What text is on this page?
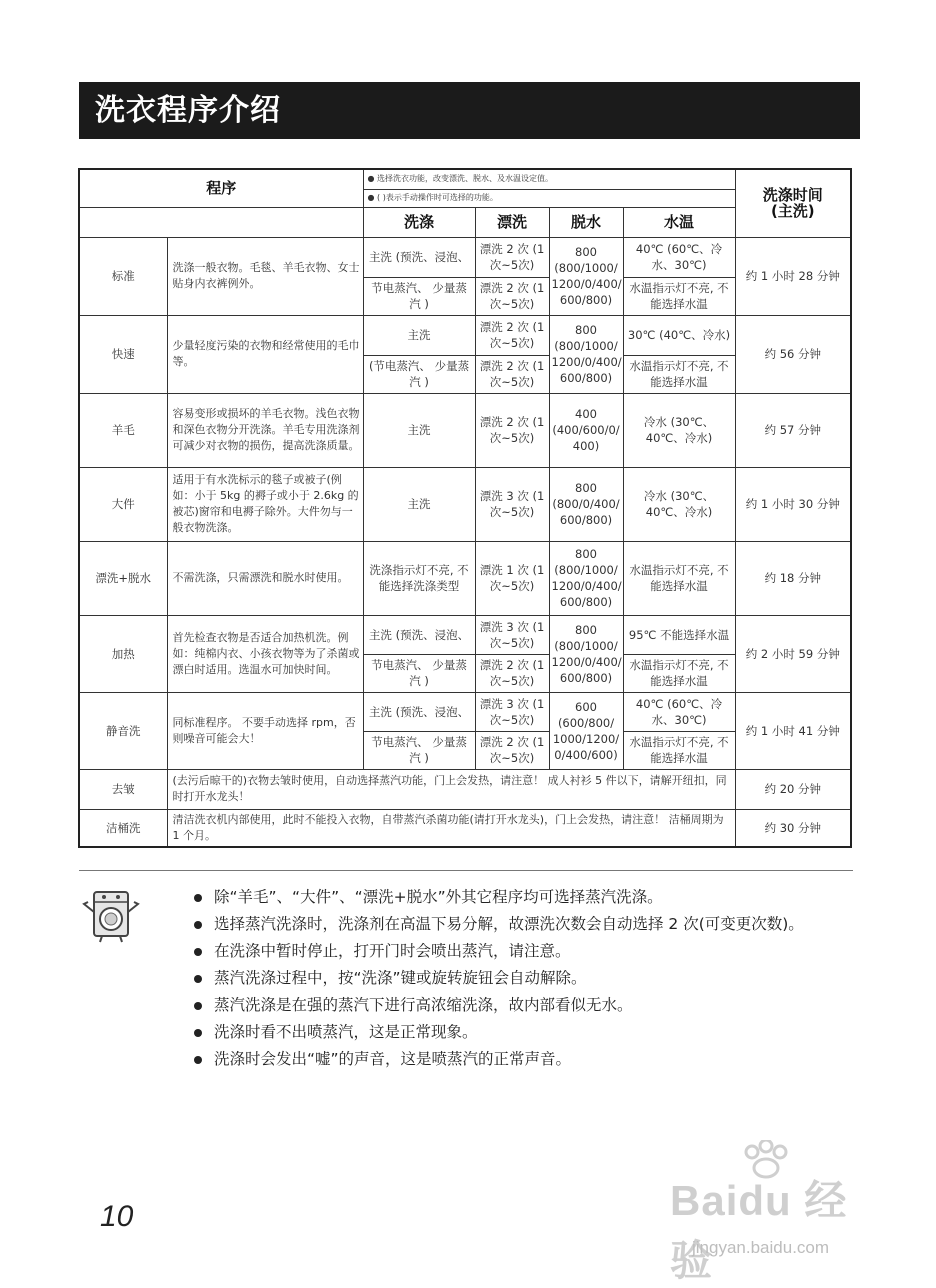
洗衣程序介绍
程序		● 选择洗衣功能，改变漂洗、脱水、及水温设定值。				洗涤时间
(主洗)
		● ( )表示手动操作时可选择的功能。				
		洗涤	漂洗	脱水	水温	
标准	洗涤一般衣物。毛毯、羊毛衣物、女士贴身内衣裤例外。	主洗 (预洗、浸泡、	漂洗 2 次 (1次~5次)	800 (800/1000/ 1200/0/400/ 600/800)	40℃ (60℃、冷水、30℃)	约 1 小时 28 分钟
		节电蒸汽、 少量蒸汽 )	漂洗 2 次 (1次~5次)		水温指示灯不亮, 不能选择水温	
快速	少量轻度污染的衣物和经常使用的毛巾等。	主洗	漂洗 2 次 (1次~5次)	800 (800/1000/ 1200/0/400/ 600/800)	30℃ (40℃、冷水)	约 56 分钟
		(节电蒸汽、 少量蒸汽 )	漂洗 2 次 (1次~5次)		水温指示灯不亮, 不能选择水温	
羊毛	容易变形或损坏的羊毛衣物。浅色衣物和深色衣物分开洗涤。羊毛专用洗涤剂可减少对衣物的损伤，提高洗涤质量。	主洗	漂洗 2 次 (1次~5次)	400 (400/600/0/ 400)	冷水 (30℃、40℃、冷水)	约 57 分钟
大件	适用于有水洗标示的毯子或被子(例如：小于 5kg 的褥子或小于 2.6kg 的被芯)窗帘和电褥子除外。大件勿与一般衣物洗涤。	主洗	漂洗 3 次 (1次~5次)	800 (800/0/400/ 600/800)	冷水 (30℃、40℃、冷水)	约 1 小时 30 分钟
漂洗+脱水	不需洗涤，只需漂洗和脱水时使用。	洗涤指示灯不亮, 不能选择洗涤类型	漂洗 1 次 (1次~5次)	800 (800/1000/ 1200/0/400/ 600/800)	水温指示灯不亮, 不能选择水温	约 18 分钟
加热	首先检查衣物是否适合加热机洗。例如：纯棉内衣、小孩衣物等为了杀菌或漂白时适用。选温水可加快时间。	主洗 (预洗、浸泡、	漂洗 3 次 (1次~5次)	800 (800/1000/ 1200/0/400/ 600/800)	95℃ 不能选择水温	约 2 小时 59 分钟
		节电蒸汽、 少量蒸汽 )	漂洗 2 次 (1次~5次)		水温指示灯不亮, 不能选择水温	
静音洗	同标准程序。 不要手动选择 rpm，否则噪音可能会大！	主洗 (预洗、浸泡、	漂洗 3 次 (1次~5次)	600 (600/800/ 1000/1200/ 0/400/600)	40℃ (60℃、冷水、30℃)	约 1 小时 41 分钟
		节电蒸汽、 少量蒸汽 )	漂洗 2 次 (1次~5次)		水温指示灯不亮, 不能选择水温	
去皱	(去污后晾干的)衣物去皱时使用，自动选择蒸汽功能，门上会发热，请注意！ 成人衬衫 5 件以下，请解开纽扣，同时打开水龙头！					约 20 分钟
洁桶洗	清洁洗衣机内部使用，此时不能投入衣物，自带蒸汽杀菌功能(请打开水龙头)，门上会发热，请注意！ 洁桶周期为 1 个月。					约 30 分钟
除“羊毛”、“大件”、“漂洗+脱水”外其它程序均可选择蒸汽洗涤。
选择蒸汽洗涤时，洗涤剂在高温下易分解，故漂洗次数会自动选择 2 次(可变更次数)。
在洗涤中暂时停止，打开门时会喷出蒸汽，请注意。
蒸汽洗涤过程中，按“洗涤”键或旋转旋钮会自动解除。
蒸汽洗涤是在强的蒸汽下进行高浓缩洗涤，故内部看似无水。
洗涤时看不出喷蒸汽，这是正常现象。
洗涤时会发出“嘘”的声音，这是喷蒸汽的正常声音。
10	Baidu 经验
jingyan.baidu.com
